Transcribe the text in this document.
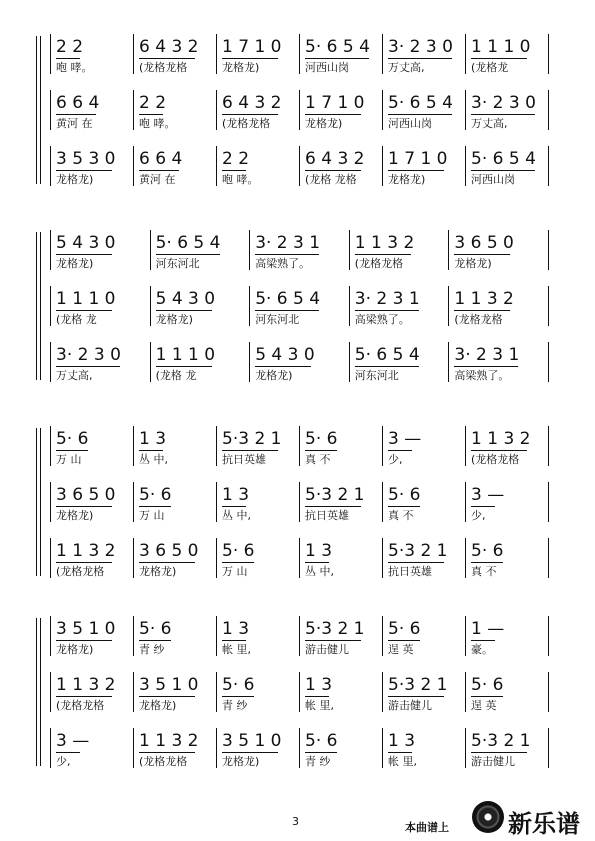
2 2
咆 哮。
6 4 3 2
(龙格龙格
1 7 1 0
龙格龙)
5· 6 5 4
河西山岗
3· 2 3 0
万丈高,
1 1 1 0
(龙格龙
6 6 4
黄河 在
2 2
咆 哮。
6 4 3 2
(龙格龙格
1 7 1 0
龙格龙)
5· 6 5 4
河西山岗
3· 2 3 0
万丈高,
3 5 3 0
龙格龙)
6 6 4
黄河 在
2 2
咆 哮。
6 4 3 2
(龙格 龙格
1 7 1 0
龙格龙)
5· 6 5 4
河西山岗
5 4 3 0
龙格龙)
5· 6 5 4
河东河北
3· 2 3 1
高梁熟了。
1 1 3 2
(龙格龙格
3 6 5 0
龙格龙)
1 1 1 0
(龙格 龙
5 4 3 0
龙格龙)
5· 6 5 4
河东河北
3· 2 3 1
高梁熟了。
1 1 3 2
(龙格龙格
3· 2 3 0
万丈高,
1 1 1 0
(龙格 龙
5 4 3 0
龙格龙)
5· 6 5 4
河东河北
3· 2 3 1
高梁熟了。
5· 6
万 山
1 3
丛 中,
5·3 2 1
抗日英雄
5· 6
真 不
3 —
少,
1 1 3 2
(龙格龙格
3 6 5 0
龙格龙)
5· 6
万 山
1 3
丛 中,
5·3 2 1
抗日英雄
5· 6
真 不
3 —
少,
1 1 3 2
(龙格龙格
3 6 5 0
龙格龙)
5· 6
万 山
1 3
丛 中,
5·3 2 1
抗日英雄
5· 6
真 不
3 5 1 0
龙格龙)
5· 6
青 纱
1 3
帐 里,
5·3 2 1
游击健儿
5· 6
逞 英
1 —
豪。
1 1 3 2
(龙格龙格
3 5 1 0
龙格龙)
5· 6
青 纱
1 3
帐 里,
5·3 2 1
游击健儿
5· 6
逞 英
3 —
少,
1 1 3 2
(龙格龙格
3 5 1 0
龙格龙)
5· 6
青 纱
1 3
帐 里,
5·3 2 1
游击健儿
3	本曲谱上 新乐谱
